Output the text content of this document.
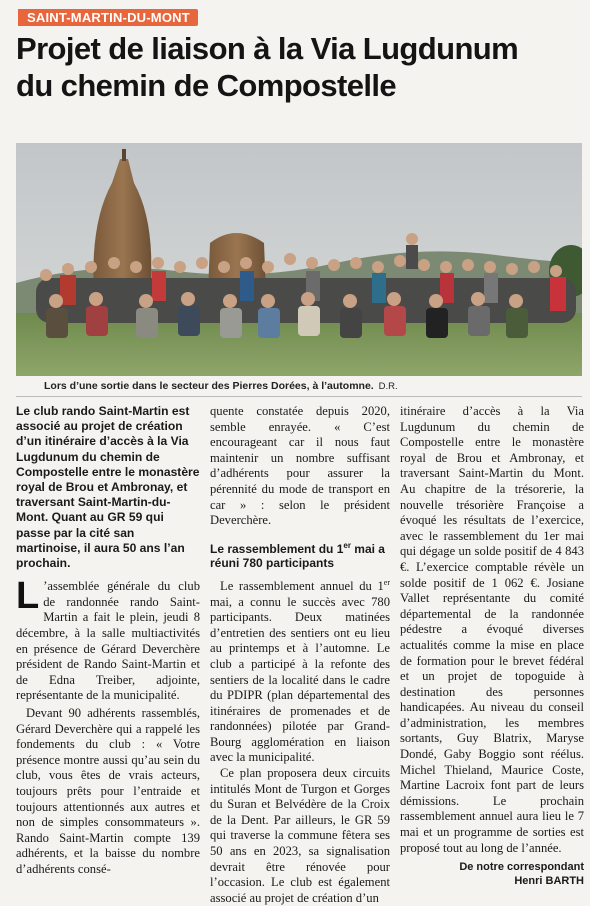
SAINT-MARTIN-DU-MONT
Projet de liaison à la Via Lugdunum
du chemin de Compostelle
Lors d’une sortie dans le secteur des Pierres Dorées, à l’automne. D.R.
Le club rando Saint-Martin est associé au projet de création d’un itinéraire d’accès à la Via Lugdunum du chemin de Compostelle entre le monastère royal de Brou et Ambronay, et traversant Saint-Martin-du-Mont. Quant au GR 59 qui passe par la cité san martinoise, il aura 50 ans l’an prochain.

L ’assemblée générale du club de randonnée rando Saint-Martin a fait le plein, jeudi 8 décembre, à la salle multiactivités en présence de Gérard Deverchère président de Rando Saint-Martin et de Edna Treiber, adjointe, représentante de la municipalité.

Devant 90 adhérents rassemblés, Gérard Deverchère qui a rappelé les fondements du club : « Votre présence montre aussi qu’au sein du club, vous êtes de vrais acteurs, toujours prêts pour l’entraide et toujours attentionnés aux autres et non de simples consommateurs ». Rando Saint-Martin compte 139 adhérents, et la baisse du nombre d’adhérents consé-

quente constatée depuis 2020, semble enrayée. « C’est encourageant car il nous faut maintenir un nombre suffisant d’adhérents pour assurer la pérennité du mode de transport en car » : selon le président Deverchère.

Le rassemblement du 1er mai a réuni 780 participants

Le rassemblement annuel du 1er mai, a connu le succès avec 780 participants. Deux matinées d’entretien des sentiers ont eu lieu au printemps et à l’automne. Le club a participé à la refonte des sentiers de la localité dans le cadre du PDIPR (plan départemental des itinéraires de promenades et de randonnées) pilotée par Grand-Bourg agglomération en liaison avec la municipalité.

Ce plan proposera deux circuits intitulés Mont de Turgon et Gorges du Suran et Belvédère de la Croix de la Dent. Par ailleurs, le GR 59 qui traverse la commune fêtera ses 50 ans en 2023, sa signalisation devrait être rénovée pour l’occasion. Le club est également associé au projet de création d’un

itinéraire d’accès à la Via Lugdunum du chemin de Compostelle entre le monastère royal de Brou et Ambronay, et traversant Saint-Martin du Mont. Au chapitre de la trésorerie, la nouvelle trésorière Françoise a évoqué les résultats de l’exercice, avec le rassemblement du 1er mai qui dégage un solde positif de 4 843 €. L’exercice comptable révèle un solde positif de 1 062 €. Josiane Vallet représentante du comité départemental de la randonnée pédestre a évoqué diverses actualités comme la mise en place de formation pour le brevet fédéral et un projet de topoguide à destination des personnes handicapées. Au niveau du conseil d’administration, les membres sortants, Guy Blatrix, Maryse Dondé, Gaby Boggio sont réélus. Michel Thieland, Maurice Coste, Martine Lacroix font part de leurs démissions. Le prochain rassemblement annuel aura lieu le 7 mai et un programme de sorties est proposé tout au long de l’année.

De notre correspondant
Henri BARTH
